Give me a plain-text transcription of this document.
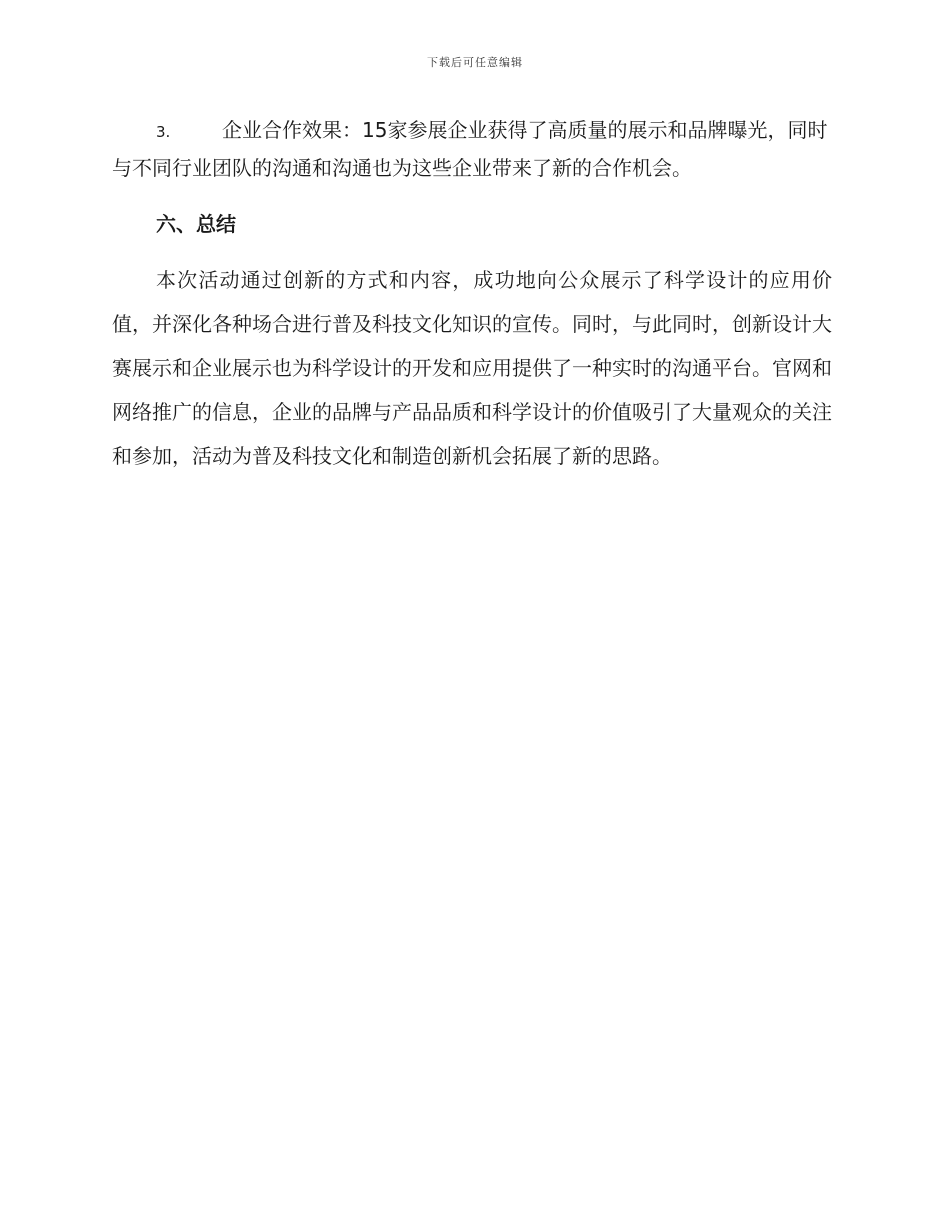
下载后可任意编辑

3.	企业合作效果：15家参展企业获得了高质量的展示和品牌曝光，同时与不同行业团队的沟通和沟通也为这些企业带来了新的合作机会。

六、总结

本次活动通过创新的方式和内容，成功地向公众展示了科学设计的应用价值，并深化各种场合进行普及科技文化知识的宣传。同时，与此同时，创新设计大赛展示和企业展示也为科学设计的开发和应用提供了一种实时的沟通平台。官网和网络推广的信息，企业的品牌与产品品质和科学设计的价值吸引了大量观众的关注和参加，活动为普及科技文化和制造创新机会拓展了新的思路。
